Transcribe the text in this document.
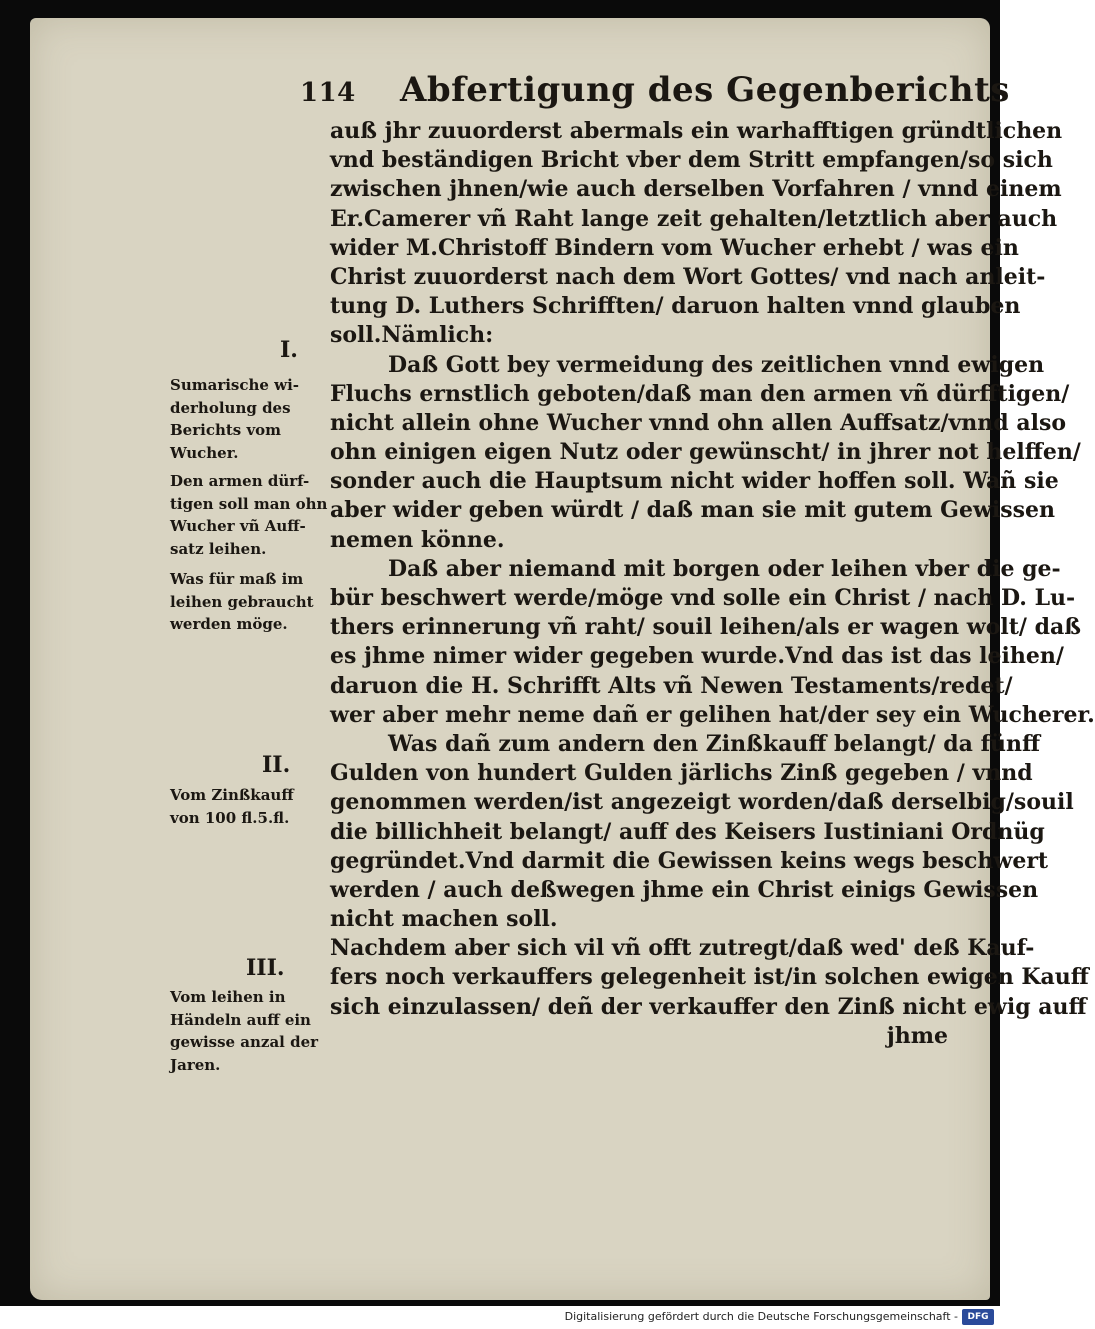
114 Abfertigung des Gegenberichts
auß jhr zuuorderst abermals ein warhafftigen gründtlichen
vnd beständigen Bricht vber dem Stritt empfangen/so sich
zwischen jhnen/wie auch derselben Vorfahren / vnnd einem
Er.Camerer vñ Raht lange zeit gehalten/letztlich aber auch
wider M.Christoff Bindern vom Wucher erhebt / was ein
Christ zuuorderst nach dem Wort Gottes/ vnd nach anleit-
tung D. Luthers Schrifften/ daruon halten vnnd glauben
soll.Nämlich:
Daß Gott bey vermeidung des zeitlichen vnnd ewigen
Fluchs ernstlich geboten/daß man den armen vñ dürfftigen/
nicht allein ohne Wucher vnnd ohn allen Auffsatz/vnnd also
ohn einigen eigen Nutz oder gewünscht/ in jhrer not helffen/
sonder auch die Hauptsum nicht wider hoffen soll. Wañ sie
aber wider geben würdt / daß man sie mit gutem Gewissen
nemen könne.
Daß aber niemand mit borgen oder leihen vber die ge-
bür beschwert werde/möge vnd solle ein Christ / nach D. Lu-
thers erinnerung vñ raht/ souil leihen/als er wagen wolt/ daß
es jhme nimer wider gegeben wurde.Vnd das ist das leihen/
daruon die H. Schrifft Alts vñ Newen Testaments/redet/
wer aber mehr neme dañ er gelihen hat/der sey ein Wucherer.
Was dañ zum andern den Zinßkauff belangt/ da fünff
Gulden von hundert Gulden järlichs Zinß gegeben / vnnd
genommen werden/ist angezeigt worden/daß derselbig/souil
die billichheit belangt/ auff des Keisers Iustiniani Ordnüg
gegründet.Vnd darmit die Gewissen keins wegs beschwert
werden / auch deßwegen jhme ein Christ einigs Gewissen
nicht machen soll.
Nachdem aber sich vil vñ offt zutregt/daß wed' deß Kauf-
fers noch verkauffers gelegenheit ist/in solchen ewigen Kauff
sich einzulassen/ deñ der verkauffer den Zinß nicht ewig auff
jhme
I.
II.
III.
Sumarische wi-
derholung des
Berichts vom
Wucher.
Den armen dürf-
tigen soll man ohn
Wucher vñ Auff-
satz leihen.
Was für maß im
leihen gebraucht
werden möge.
Vom Zinßkauff
von 100 fl.5.fl.
Vom leihen in
Händeln auff ein
gewisse anzal der
Jaren.
Digitalisierung gefördert durch die Deutsche Forschungsgemeinschaft -	DFG
